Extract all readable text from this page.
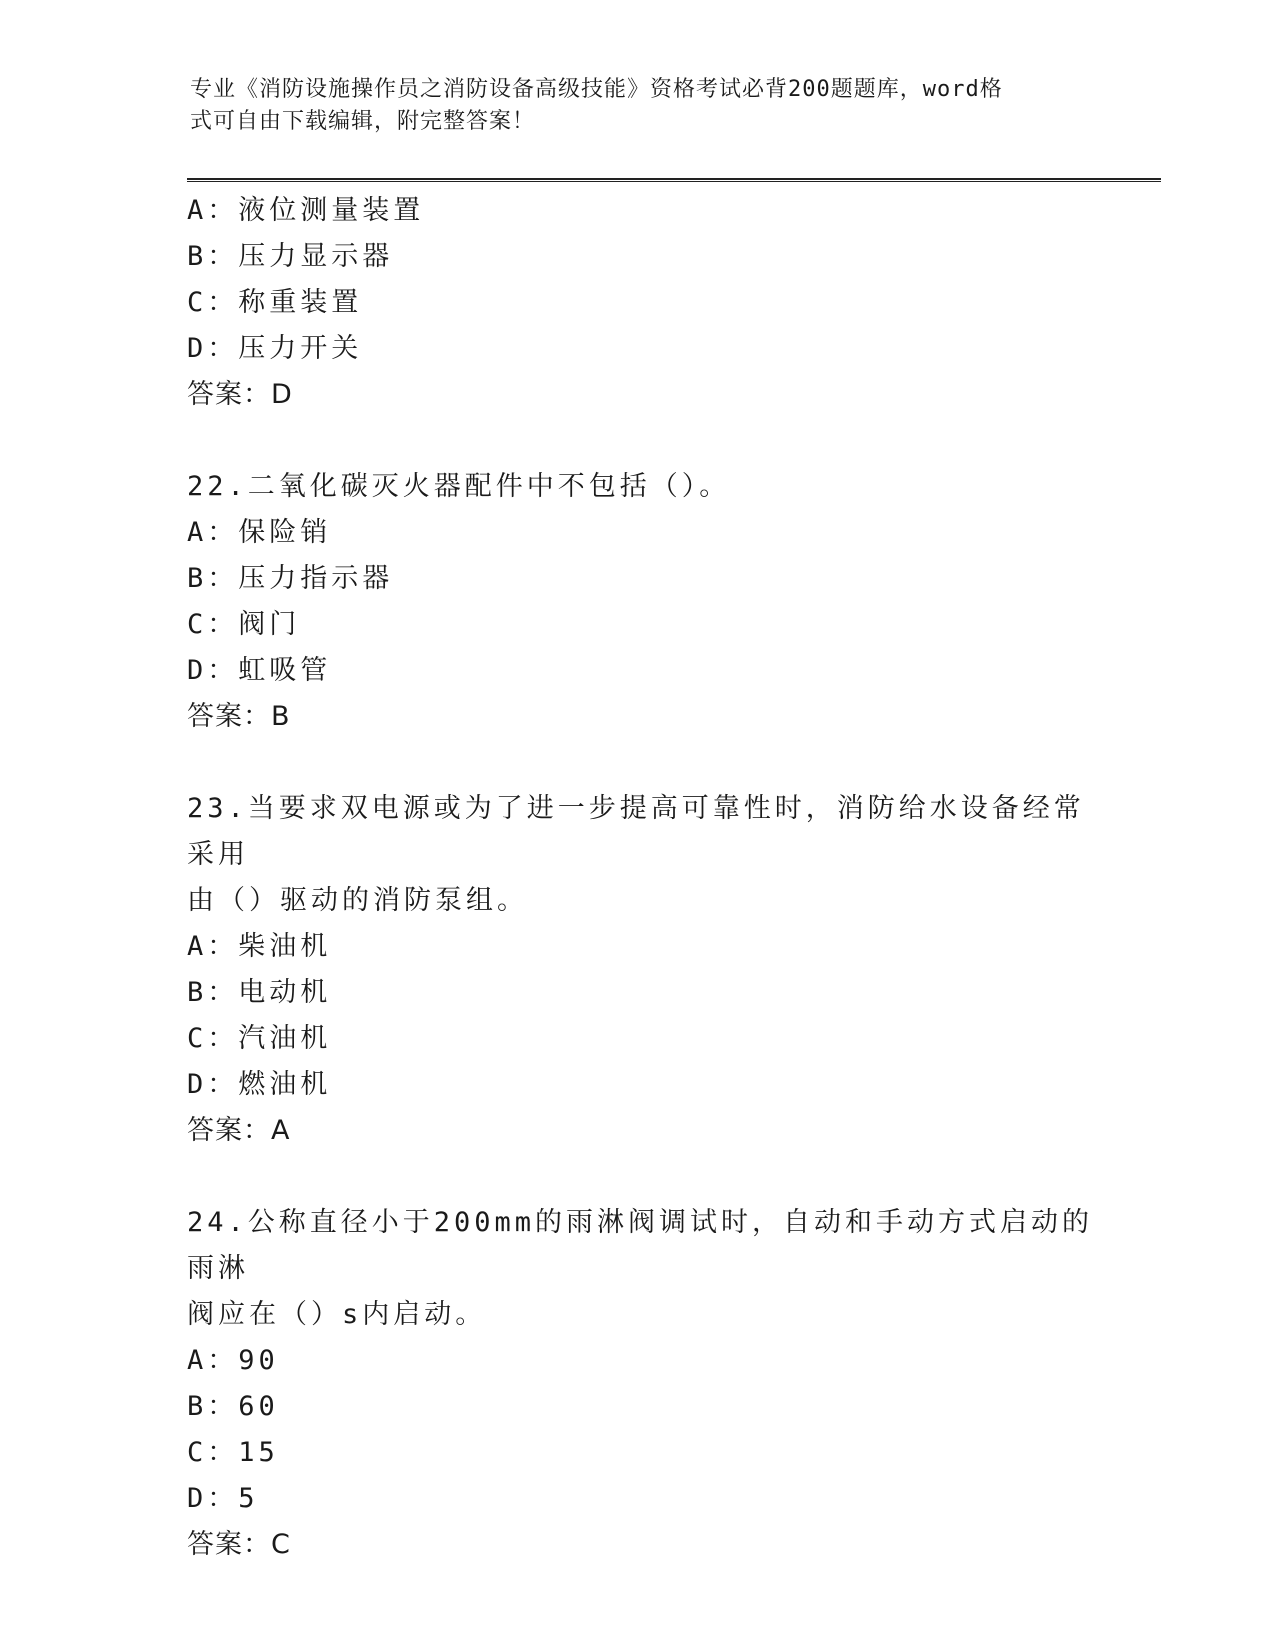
专业《消防设施操作员之消防设备高级技能》资格考试必背200题题库，word格
式可自由下载编辑，附完整答案！
A：液位测量装置
B：压力显示器
C：称重装置
D：压力开关
答案：D
22.二氧化碳灭火器配件中不包括（）。
A：保险销
B：压力指示器
C：阀门
D：虹吸管
答案：B
23.当要求双电源或为了进一步提高可靠性时，消防给水设备经常采用
由（）驱动的消防泵组。
A：柴油机
B：电动机
C：汽油机
D：燃油机
答案：A
24.公称直径小于200mm的雨淋阀调试时，自动和手动方式启动的雨淋
阀应在（）s内启动。
A：90
B：60
C：15
D：5
答案：C
